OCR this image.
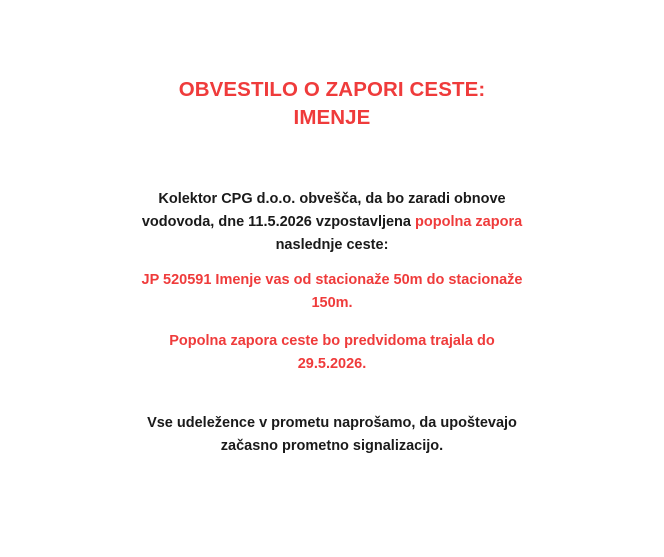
OBVESTILO O ZAPORI CESTE:
IMENJE

Kolektor CPG d.o.o. obvešča, da bo zaradi obnove
vodovoda, dne 11.5.2026 vzpostavljena popolna zapora
naslednje ceste:

JP 520591 Imenje vas od stacionaže 50m do stacionaže
150m.

Popolna zapora ceste bo predvidoma trajala do
29.5.2026.

Vse udeležence v prometu naprošamo, da upoštevajo
začasno prometno signalizacijo.
